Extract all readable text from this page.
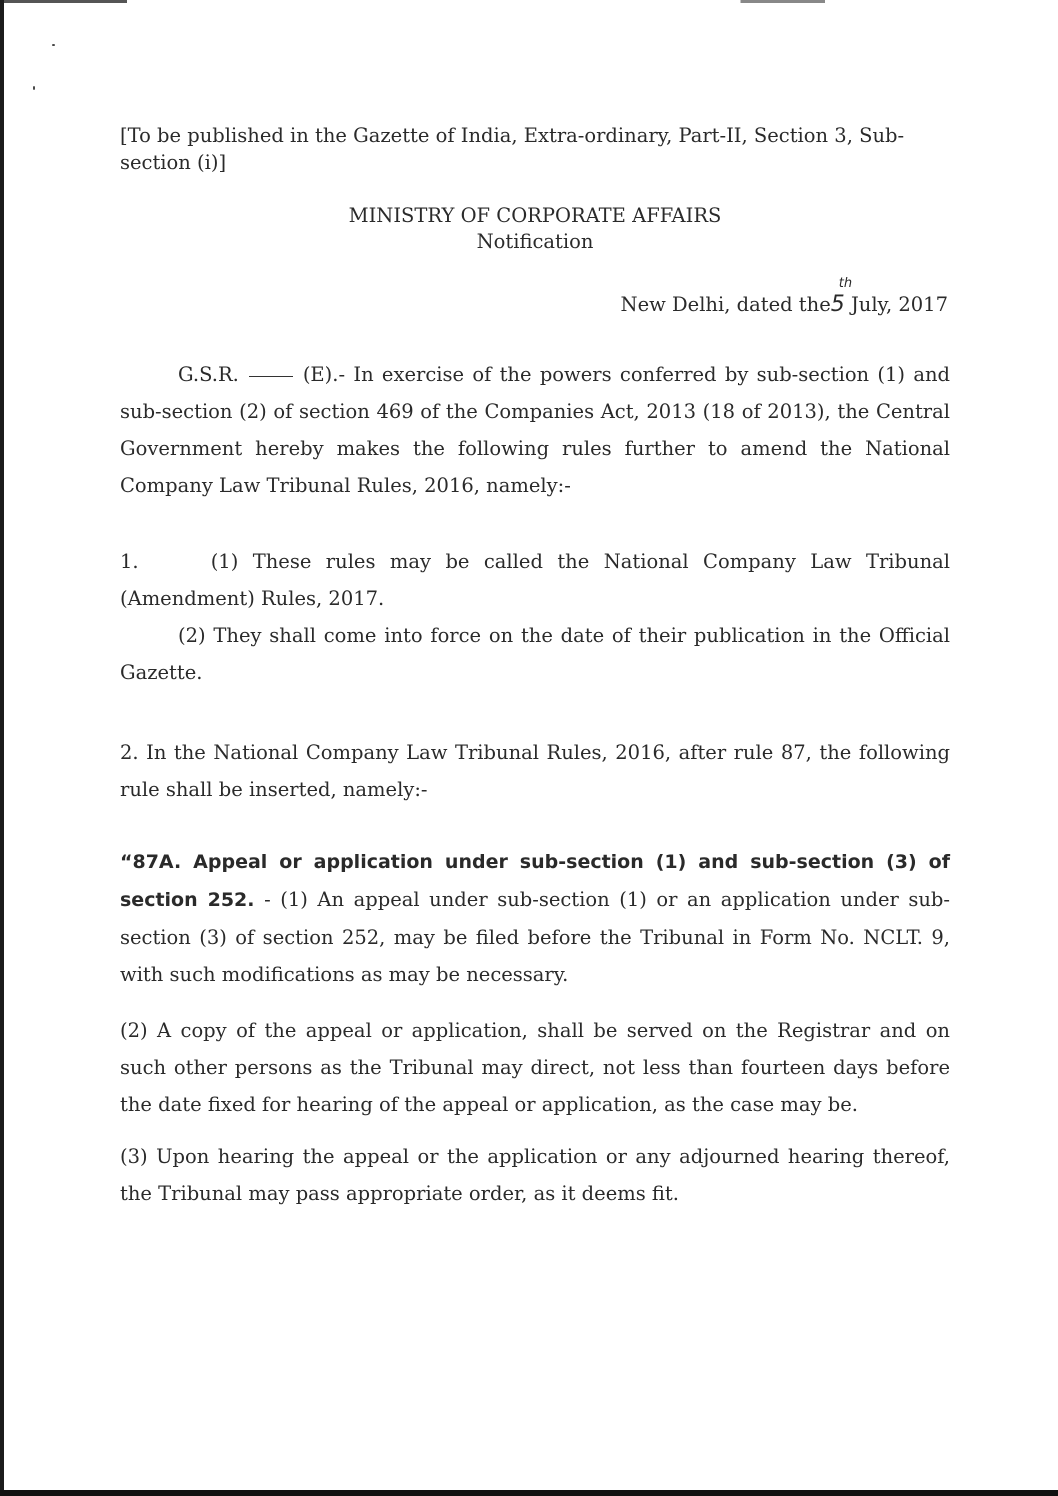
[To be published in the Gazette of India, Extra-ordinary, Part-II, Section 3, Sub-section (i)]
MINISTRY OF CORPORATE AFFAIRS
Notification
New Delhi, dated the5
th
July, 2017
G.S.R.	(E).- In exercise of the powers conferred by sub-section (1) and sub-section (2) of section 469 of the Companies Act, 2013 (18 of 2013), the Central Government hereby makes the following rules further to amend the National Company Law Tribunal Rules, 2016, namely:-
1.	(1) These rules may be called the National Company Law Tribunal (Amendment) Rules, 2017.
(2) They shall come into force on the date of their publication in the Official Gazette.
2. In the National Company Law Tribunal Rules, 2016, after rule 87, the following rule shall be inserted, namely:-
“87A. Appeal or application under sub-section (1) and sub-section (3) of section 252. - (1) An appeal under sub-section (1) or an application under sub-section (3) of section 252, may be filed before the Tribunal in Form No. NCLT. 9, with such modifications as may be necessary.
(2) A copy of the appeal or application, shall be served on the Registrar and on such other persons as the Tribunal may direct, not less than fourteen days before the date fixed for hearing of the appeal or application, as the case may be.
(3) Upon hearing the appeal or the application or any adjourned hearing thereof, the Tribunal may pass appropriate order, as it deems fit.
